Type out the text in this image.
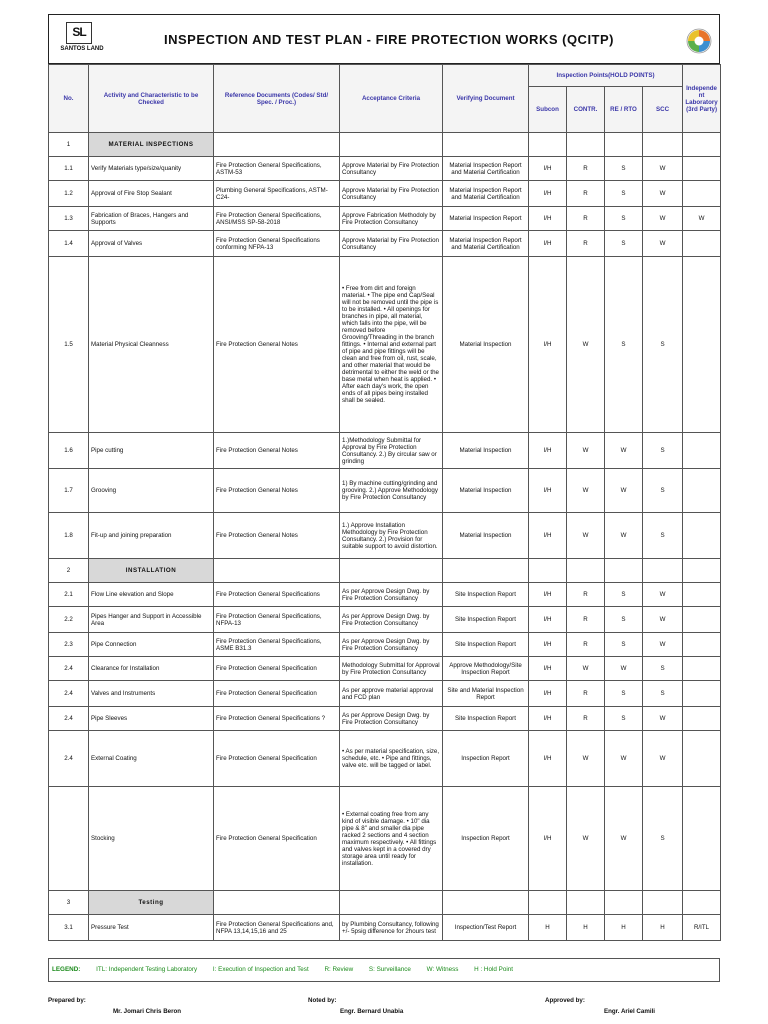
SL
SANTOS LAND
INSPECTION AND TEST PLAN - FIRE PROTECTION WORKS (QCITP)
No.	Activity and Characteristic to be Checked	Reference Documents (Codes/ Std/ Spec. / Proc.)	Acceptance Criteria	Verifying Document	Inspection Points(HOLD POINTS)				Independent Laboratory (3rd Party)
					Subcon	CONTR.	RE / RTO	SCC	
1	MATERIAL INSPECTIONS								
1.1	Verify Materials type/size/quanity	Fire Protection General Specifications, ASTM-53	Approve Material by Fire Protection Consultancy	Material Inspection Report and Material Certification	I/H	R	S	W	
1.2	Approval of Fire Stop Sealant	Plumbing General Specifications, ASTM-C24-	Approve Material by Fire Protection Consultancy	Material Inspection Report and Material Certification	I/H	R	S	W	
1.3	Fabrication of Braces, Hangers and Supports	Fire Protection General Specifications, ANSI/MSS SP-58-2018	Approve Fabrication Methodoly by Fire Protection Consultancy	Material Inspection Report	I/H	R	S	W	W
1.4	Approval of Valves	Fire Protection General Specifications conforming NFPA-13	Approve Material by Fire Protection Consultancy	Material Inspection Report and Material Certification	I/H	R	S	W	
1.5	Material Physical Cleanness	Fire Protection General Notes	• Free from dirt and foreign material. • The pipe end Cap/Seal will not be removed until the pipe is to be installed. • All openings for branches in pipe, all material, which falls into the pipe, will be removed before Grooving/Threading in the branch fittings. • Internal and external part of pipe and pipe fittings will be clean and free from oil, rust, scale, and other material that would be detrimental to either the weld or the base metal when heat is applied. • After each day's work, the open ends of all pipes being installed shall be sealed.	Material Inspection	I/H	W	S	S	
1.6	Pipe cutting	Fire Protection General Notes	1.)Methodology Submittal for Approval by Fire Protection Consultancy. 2.) By circular saw or grinding	Material Inspection	I/H	W	W	S	
1.7	Grooving	Fire Protection General Notes	1) By machine cutting/grinding and grooving. 2.) Approve Methodology by Fire Protection Consultancy	Material Inspection	I/H	W	W	S	
1.8	Fit-up and joining preparation	Fire Protection General Notes	1.) Approve Installation Methodology by Fire Protection Consultancy. 2.) Provision for suitable support to avoid distortion.	Material Inspection	I/H	W	W	S	
2	INSTALLATION								
2.1	Flow Line elevation and Slope	Fire Protection General Specifications	As per Approve Design Dwg. by Fire Protection Consultancy	Site Inspection Report	I/H	R	S	W	
2.2	Pipes Hanger and Support in Accessible Area	Fire Protection General Specifications, NFPA-13	As per Approve Design Dwg. by Fire Protection Consultancy	Site Inspection Report	I/H	R	S	W	
2.3	Pipe Connection	Fire Protection General Specifications, ASME B31.3	As per Approve Design Dwg. by Fire Protection Consultancy	Site Inspection Report	I/H	R	S	W	
2.4	Clearance for Installation	Fire Protection General Specification	Methodology Submittal for Approval by Fire Protection Consultancy	Approve Methodology/Site Inspection Report	I/H	W	W	S	
2.4	Valves and Instruments	Fire Protection General Specification	As per approve material approval and FCD plan	Site and Material Inspection Report	I/H	R	S	S	
2.4	Pipe Sleeves	Fire Protection General Specifications ?	As per Approve Design Dwg. by Fire Protection Consultancy	Site Inspection Report	I/H	R	S	W	
2.4	External Coating	Fire Protection General Specification	• As per material specification, size, schedule, etc. • Pipe and fittings, valve etc. will be tagged or label.	Inspection Report	I/H	W	W	W	
	Stocking	Fire Protection General Specification	• External coating free from any kind of visible damage. • 10" dia pipe & 8" and smaller dia pipe racked 2 sections and 4 section maximum respectively. • All fittings and valves kept in a covered dry storage area until ready for installation.	Inspection Report	I/H	W	W	S	
3	Testing								
3.1	Pressure Test	Fire Protection General Specifications and, NFPA 13,14,15,16 and 25	by Plumbing Consultancy, following +/- 5psig difference for 2hours test	Inspection/Test Report	H	H	H	H	R/ITL
LEGEND:	ITL: Independent Testing Laboratory	I: Execution of Inspection and Test	R: Review	S: Surveillance	W: Witness	H : Hold Point
Prepared by:
Mr. Jomari Chris Beron
Noted by:
Engr. Bernard Unabia
Approved by:
Engr. Ariel Camili
